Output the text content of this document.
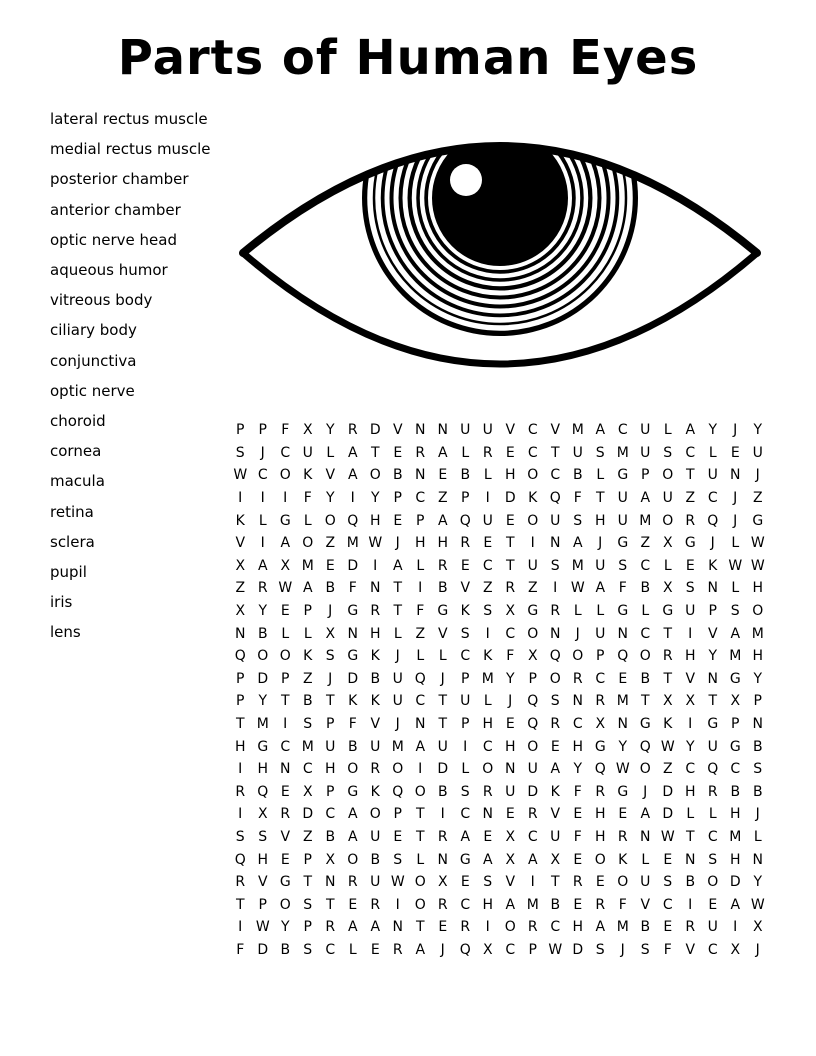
Parts of Human Eyes
lateral rectus muscle
medial rectus muscle
posterior chamber
anterior chamber
optic nerve head
aqueous humor
vitreous body
ciliary body
conjunctiva
optic nerve
choroid
cornea
macula
retina
sclera
pupil
iris
lens
P	P	F X Y R D V N N U U V C V M A C U L A Y	J	Y
S	J	C U L A T E R A L R E C T U S M U S C L	E U
W C O K V A O B N E B L H O C B L G P O T U N	J
I	I	I	F	Y	I	Y P C Z P	I	D K Q F	T U A U Z C	J	Z
K	L G L O Q H E P A Q U E O U S H U M O R Q	J	G
V	I	A O Z M W J	H H R E T	I	N A	J	G Z X G	J	L W
X A X M E D	I	A L R E C T U S M U S C L	E K W W
Z R W A B F N T	I	B V Z R Z	I W A F B X S N L H
X Y E P	J	G R T	F G K S X G R L	L G L G U P S O
N B L	L X N H L Z V S	I	C O N	J	U N C T	I	V A M
Q O O K S G K	J	L	L C K F X Q O P Q O R H Y M H
P D P Z	J	D B U Q	J	P M Y P O R C E B T V N G Y
P	Y T B T K K U C T U L	J	Q S N R M T X X T X P
T M	I	S P	F V	J	N T P H E Q R C X N G K	I	G P N
H G C M U B U M A U	I	C H O E H G Y Q W Y U G B
I	H N C H O R O	I	D L O N U A Y Q W O Z C Q C S
R Q E X P G K Q O B S R U D K F R G	J	D H R B B
I	X R D C A O P	T	I	C N E R V E H E A D L	L H	J
S S V Z B A U E T R A E X C U F H R N W T C M L
Q H E P X O B S	L N G A X A X E O K	L	E N S H N
R V G T N R U W O X E S V	I	T R E O U S B O D Y
T P O S T E R	I	O R C H A M B E R F V C	I	E A W
I W Y P R A A N T E R	I	O R C H A M B E R U	I	X
F D B S C L	E R A	J	Q X C P W D S	J	S	F V C X	J
